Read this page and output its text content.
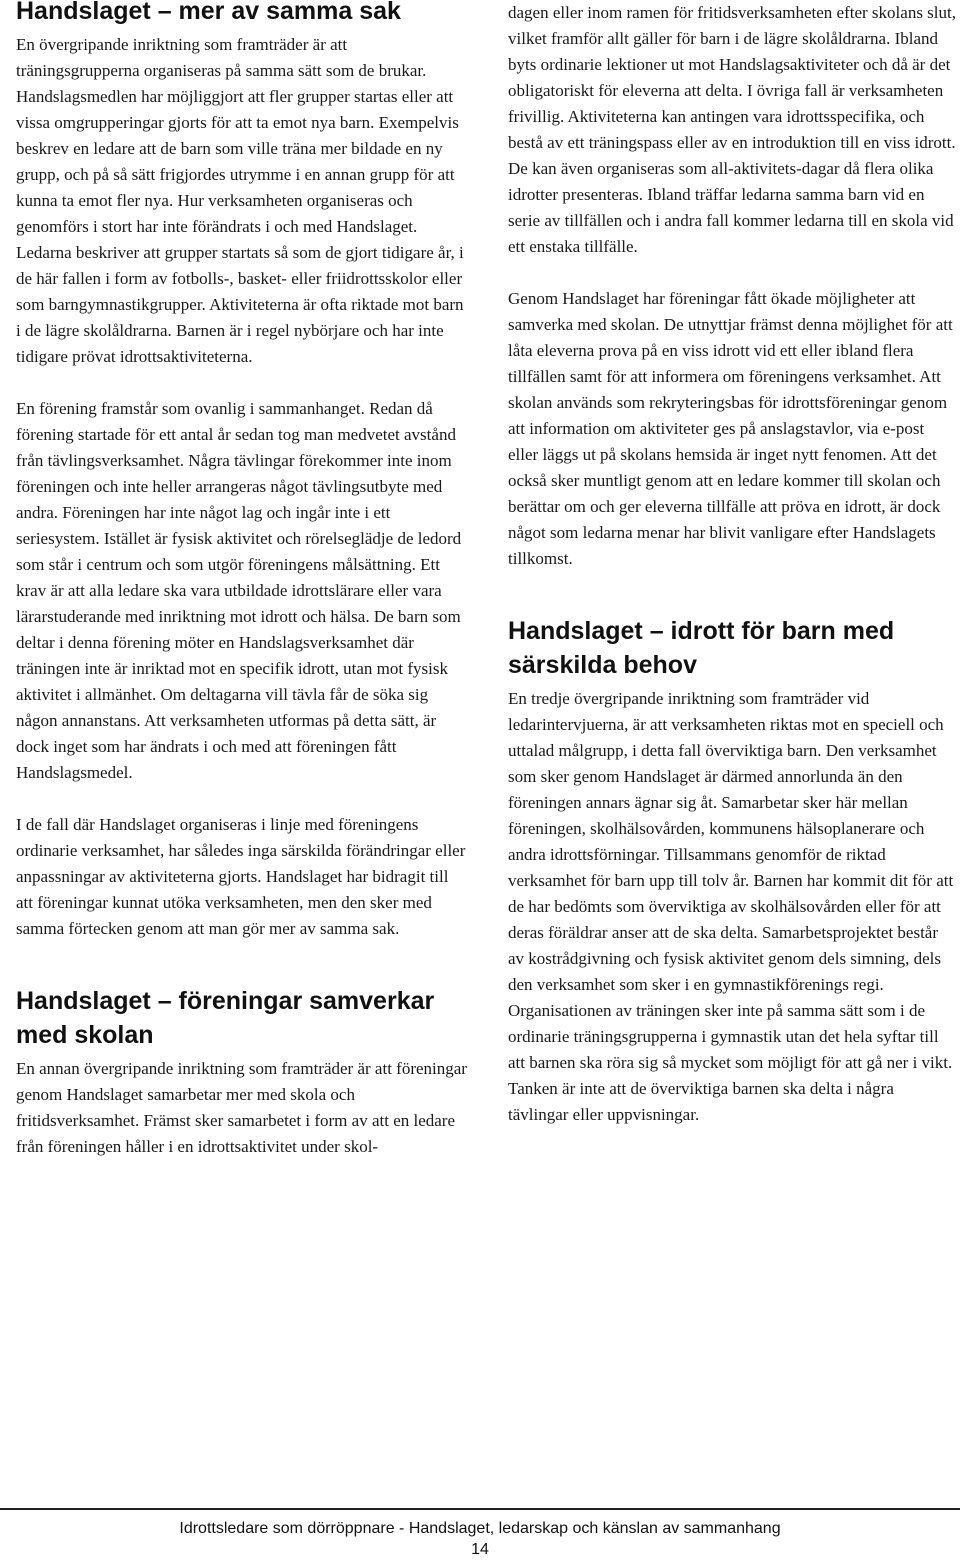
Handslaget – mer av samma sak

En övergripande inriktning som framträder är att träningsgrupperna organiseras på samma sätt som de brukar. Handslagsmedlen har möjliggjort att fler grupper startas eller att vissa omgrupperingar gjorts för att ta emot nya barn. Exempelvis beskrev en ledare att de barn som ville träna mer bildade en ny grupp, och på så sätt frigjordes utrymme i en annan grupp för att kunna ta emot fler nya. Hur verksamheten organiseras och genomförs i stort har inte förändrats i och med Handslaget. Ledarna beskriver att grupper startats så som de gjort tidigare år, i de här fallen i form av fotbolls-, basket- eller friidrottsskolor eller som barngymnastikgrupper. Aktiviteterna är ofta riktade mot barn i de lägre skolåldrarna. Barnen är i regel nybörjare och har inte tidigare prövat idrottsaktiviteterna.

En förening framstår som ovanlig i sammanhanget. Redan då förening startade för ett antal år sedan tog man medvetet avstånd från tävlingsverksamhet. Några tävlingar förekommer inte inom föreningen och inte heller arrangeras något tävlingsutbyte med andra. Föreningen har inte något lag och ingår inte i ett seriesystem. Istället är fysisk aktivitet och rörelseglädje de ledord som står i centrum och som utgör föreningens målsättning. Ett krav är att alla ledare ska vara utbildade idrottslärare eller vara lärarstuderande med inriktning mot idrott och hälsa. De barn som deltar i denna förening möter en Handslagsverksamhet där träningen inte är inriktad mot en specifik idrott, utan mot fysisk aktivitet i allmänhet. Om deltagarna vill tävla får de söka sig någon annanstans. Att verksamheten utformas på detta sätt, är dock inget som har ändrats i och med att föreningen fått Handslagsmedel.

I de fall där Handslaget organiseras i linje med föreningens ordinarie verksamhet, har således inga särskilda förändringar eller anpassningar av aktiviteterna gjorts. Handslaget har bidragit till att föreningar kunnat utöka verksamheten, men den sker med samma förtecken genom att man gör mer av samma sak.

Handslaget – föreningar samverkar med skolan

En annan övergripande inriktning som framträder är att föreningar genom Handslaget samarbetar mer med skola och fritidsverksamhet. Främst sker samarbetet i form av att en ledare från föreningen håller i en idrottsaktivitet under skol-

dagen eller inom ramen för fritidsverksamheten efter skolans slut, vilket framför allt gäller för barn i de lägre skolåldrarna. Ibland byts ordinarie lektioner ut mot Handslagsaktiviteter och då är det obligatoriskt för eleverna att delta. I övriga fall är verksamheten frivillig. Aktiviteterna kan antingen vara idrottsspecifika, och bestå av ett träningspass eller av en introduktion till en viss idrott. De kan även organiseras som all-aktivitets-dagar då flera olika idrotter presenteras. Ibland träffar ledarna samma barn vid en serie av tillfällen och i andra fall kommer ledarna till en skola vid ett enstaka tillfälle.

Genom Handslaget har föreningar fått ökade möjligheter att samverka med skolan. De utnyttjar främst denna möjlighet för att låta eleverna prova på en viss idrott vid ett eller ibland flera tillfällen samt för att informera om föreningens verksamhet. Att skolan används som rekryteringsbas för idrottsföreningar genom att information om aktiviteter ges på anslagstavlor, via e-post eller läggs ut på skolans hemsida är inget nytt fenomen. Att det också sker muntligt genom att en ledare kommer till skolan och berättar om och ger eleverna tillfälle att pröva en idrott, är dock något som ledarna menar har blivit vanligare efter Handslagets tillkomst.

Handslaget – idrott för barn med särskilda behov

En tredje övergripande inriktning som framträder vid ledarintervjuerna, är att verksamheten riktas mot en speciell och uttalad målgrupp, i detta fall överviktiga barn. Den verksamhet som sker genom Handslaget är därmed annorlunda än den föreningen annars ägnar sig åt. Samarbetar sker här mellan föreningen, skolhälsovården, kommunens hälsoplanerare och andra idrottsförningar. Tillsammans genomför de riktad verksamhet för barn upp till tolv år. Barnen har kommit dit för att de har bedömts som överviktiga av skolhälsovården eller för att deras föräldrar anser att de ska delta. Samarbetsprojektet består av kostrådgivning och fysisk aktivitet genom dels simning, dels den verksamhet som sker i en gymnastikförenings regi. Organisationen av träningen sker inte på samma sätt som i de ordinarie träningsgrupperna i gymnastik utan det hela syftar till att barnen ska röra sig så mycket som möjligt för att gå ner i vikt. Tanken är inte att de överviktiga barnen ska delta i några tävlingar eller uppvisningar.

Idrottsledare som dörröppnare - Handslaget, ledarskap och känslan av sammanhang
14
